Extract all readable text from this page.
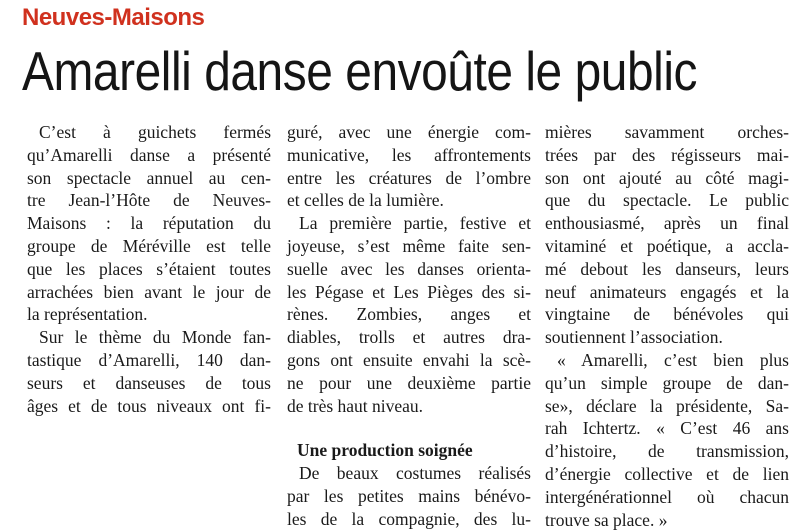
Neuves-Maisons
Amarelli danse envoûte le public
C’est à guichets fermés
qu’Amarelli danse a présenté
son spectacle annuel au cen-
tre Jean-l’Hôte de Neuves-
Maisons : la réputation du
groupe de Méréville est telle
que les places s’étaient toutes
arrachées bien avant le jour de
la représentation.
Sur le thème du Monde fan-
tastique d’Amarelli, 140 dan-
seurs et danseuses de tous
âges et de tous niveaux ont fi-
guré, avec une énergie com-
municative, les affrontements
entre les créatures de l’ombre
et celles de la lumière.
La première partie, festive et
joyeuse, s’est même faite sen-
suelle avec les danses orienta-
les Pégase et Les Pièges des si-
rènes. Zombies, anges et
diables, trolls et autres dra-
gons ont ensuite envahi la scè-
ne pour une deuxième partie
de très haut niveau.

Une production soignée

De beaux costumes réalisés
par les petites mains bénévo-
les de la compagnie, des lu-
mières savamment orches-
trées par des régisseurs mai-
son ont ajouté au côté magi-
que du spectacle. Le public
enthousiasmé, après un final
vitaminé et poétique, a accla-
mé debout les danseurs, leurs
neuf animateurs engagés et la
vingtaine de bénévoles qui
soutiennent l’association.
« Amarelli, c’est bien plus
qu’un simple groupe de dan-
se», déclare la présidente, Sa-
rah Ichtertz. « C’est 46 ans
d’histoire, de transmission,
d’énergie collective et de lien
intergénérationnel où chacun
trouve sa place. »
